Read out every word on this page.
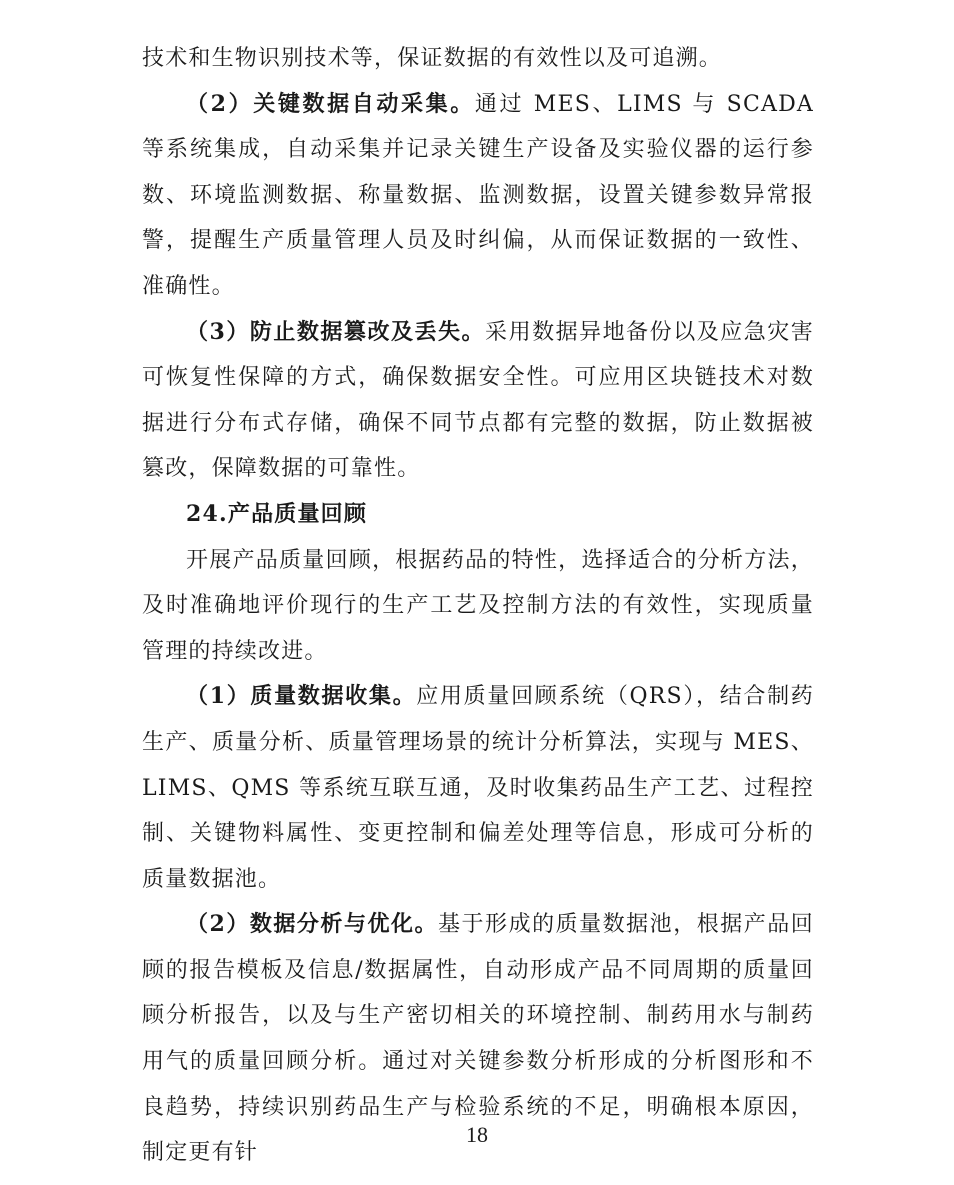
技术和生物识别技术等，保证数据的有效性以及可追溯。

（2）关键数据自动采集。通过 MES、LIMS 与 SCADA 等系统集成，自动采集并记录关键生产设备及实验仪器的运行参数、环境监测数据、称量数据、监测数据，设置关键参数异常报警，提醒生产质量管理人员及时纠偏，从而保证数据的一致性、准确性。

（3）防止数据篡改及丢失。采用数据异地备份以及应急灾害可恢复性保障的方式，确保数据安全性。可应用区块链技术对数据进行分布式存储，确保不同节点都有完整的数据，防止数据被篡改，保障数据的可靠性。

24.产品质量回顾

开展产品质量回顾，根据药品的特性，选择适合的分析方法，及时准确地评价现行的生产工艺及控制方法的有效性，实现质量管理的持续改进。

（1）质量数据收集。应用质量回顾系统（QRS），结合制药生产、质量分析、质量管理场景的统计分析算法，实现与 MES、LIMS、QMS 等系统互联互通，及时收集药品生产工艺、过程控制、关键物料属性、变更控制和偏差处理等信息，形成可分析的质量数据池。

（2）数据分析与优化。基于形成的质量数据池，根据产品回顾的报告模板及信息/数据属性，自动形成产品不同周期的质量回顾分析报告，以及与生产密切相关的环境控制、制药用水与制药用气的质量回顾分析。通过对关键参数分析形成的分析图形和不良趋势，持续识别药品生产与检验系统的不足，明确根本原因，制定更有针

18
